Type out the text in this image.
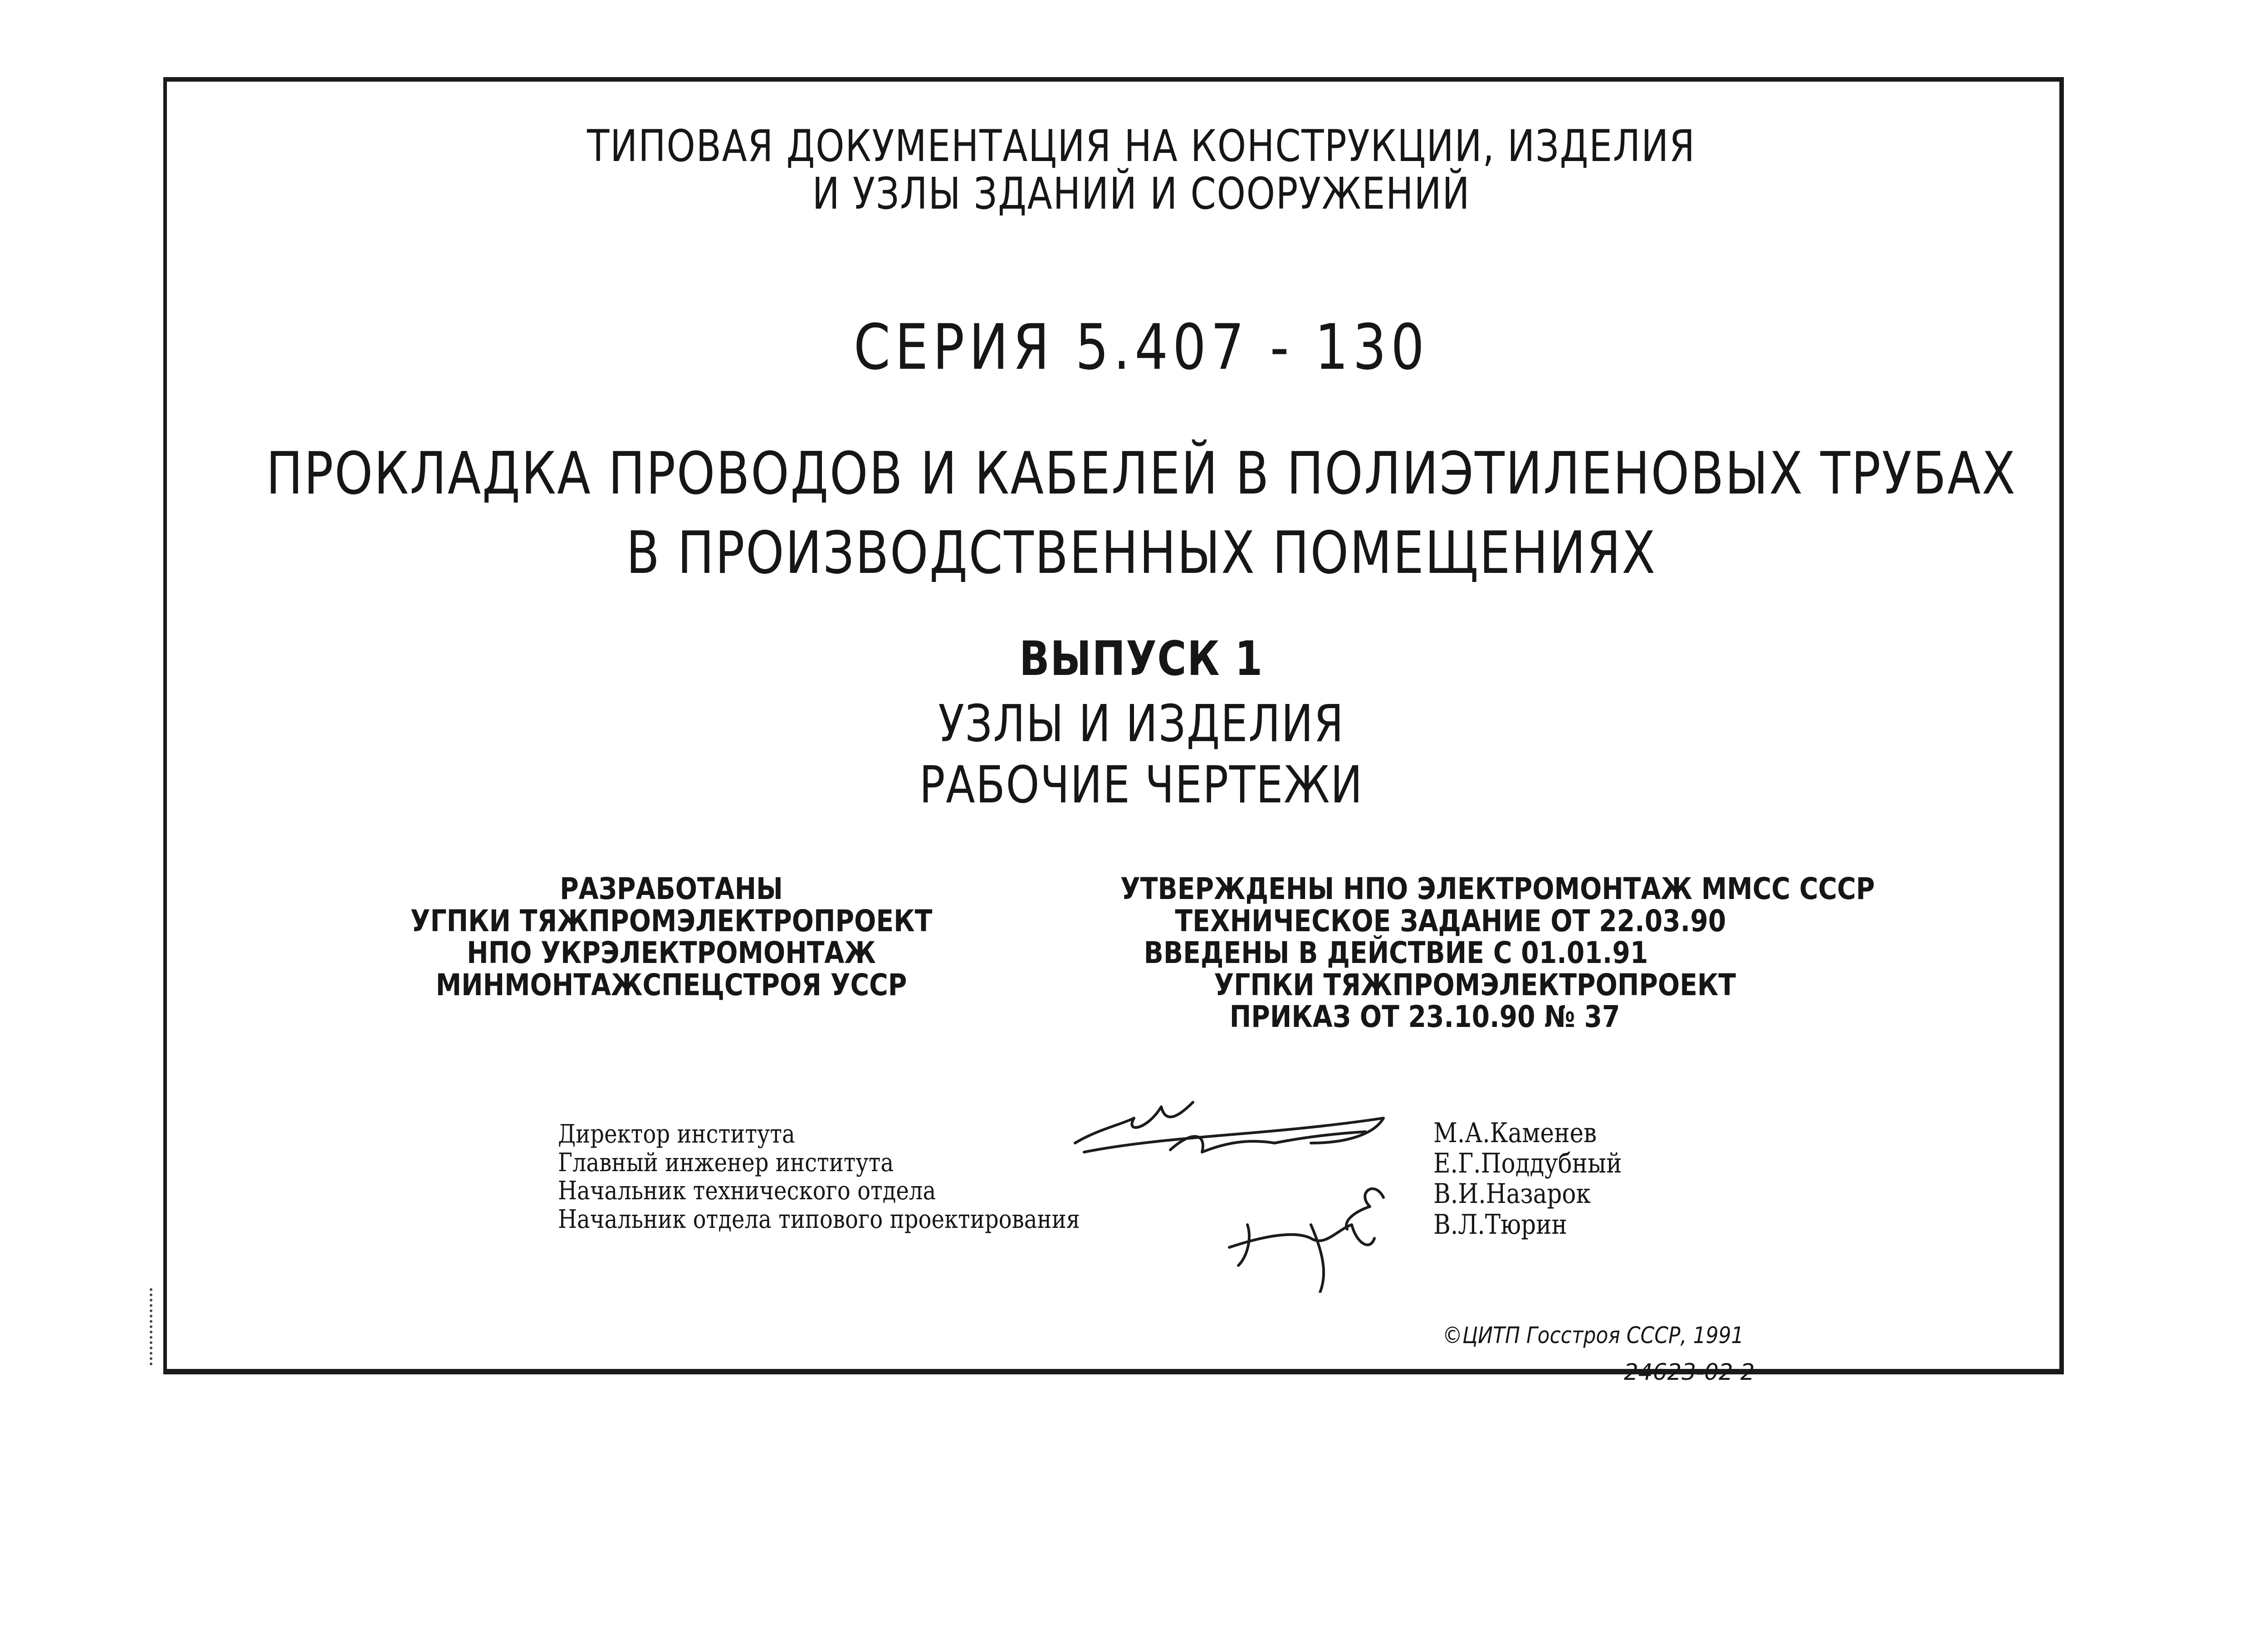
ТИПОВАЯ ДОКУМЕНТАЦИЯ НА КОНСТРУКЦИИ, ИЗДЕЛИЯ
И УЗЛЫ ЗДАНИЙ И СООРУЖЕНИЙ
СЕРИЯ 5.407 - 130
ПРОКЛАДКА ПРОВОДОВ И КАБЕЛЕЙ В ПОЛИЭТИЛЕНОВЫХ ТРУБАХ
В ПРОИЗВОДСТВЕННЫХ ПОМЕЩЕНИЯХ
ВЫПУСК 1
УЗЛЫ И ИЗДЕЛИЯ
РАБОЧИЕ ЧЕРТЕЖИ
РАЗРАБОТАНЫ
УГПКИ ТЯЖПРОМЭЛЕКТРОПРОЕКТ
НПО УКРЭЛЕКТРОМОНТАЖ
МИНМОНТАЖСПЕЦСТРОЯ УССР
УТВЕРЖДЕНЫ НПО ЭЛЕКТРОМОНТАЖ ММСС СССР
ТЕХНИЧЕСКОЕ ЗАДАНИЕ ОТ 22.03.90
ВВЕДЕНЫ В ДЕЙСТВИЕ С 01.01.91
УГПКИ ТЯЖПРОМЭЛЕКТРОПРОЕКТ
ПРИКАЗ ОТ 23.10.90 № 37
Директор института
Главный инженер института
Начальник технического отдела
Начальник отдела типового проектирования
М.А.Каменев
Е.Г.Поддубный
В.И.Назарок
В.Л.Тюрин
©ЦИТП Госстроя СССР, 1991
24623-02 2
